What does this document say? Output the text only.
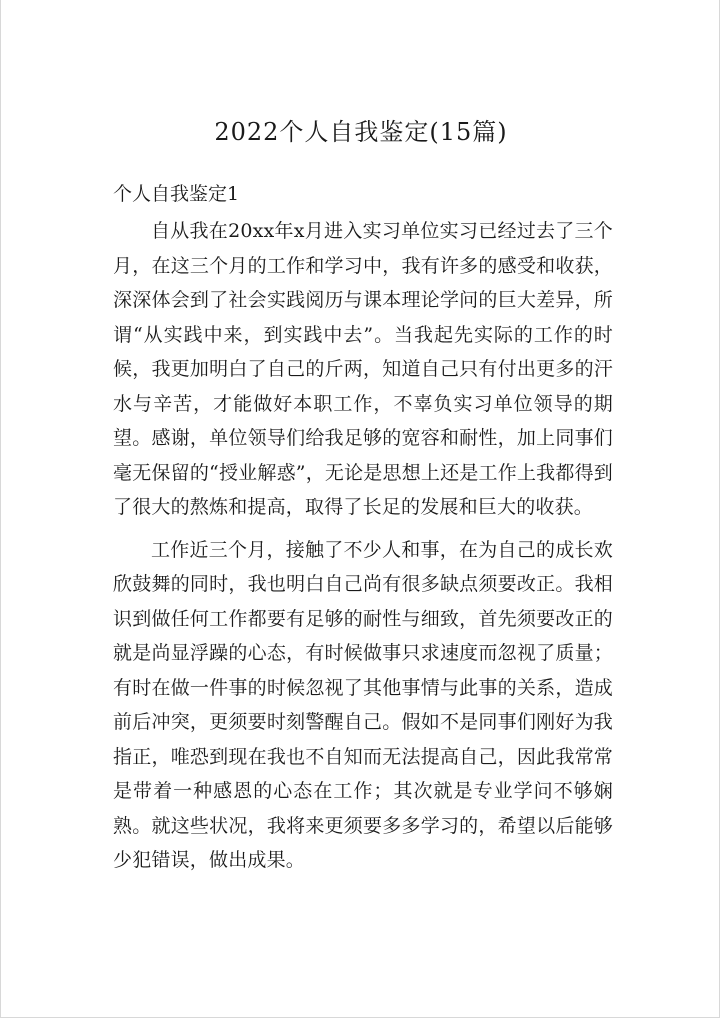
2022个人自我鉴定(15篇)
个人自我鉴定1

自从我在20xx年x月进入实习单位实习已经过去了三个月，在这三个月的工作和学习中，我有许多的感受和收获，深深体会到了社会实践阅历与课本理论学问的巨大差异，所谓“从实践中来，到实践中去”。当我起先实际的工作的时候，我更加明白了自己的斤两，知道自己只有付出更多的汗水与辛苦，才能做好本职工作，不辜负实习单位领导的期望。感谢，单位领导们给我足够的宽容和耐性，加上同事们毫无保留的“授业解惑”，无论是思想上还是工作上我都得到了很大的熬炼和提高，取得了长足的发展和巨大的收获。

工作近三个月，接触了不少人和事，在为自己的成长欢欣鼓舞的同时，我也明白自己尚有很多缺点须要改正。我相识到做任何工作都要有足够的耐性与细致，首先须要改正的就是尚显浮躁的心态，有时候做事只求速度而忽视了质量；有时在做一件事的时候忽视了其他事情与此事的关系，造成前后冲突，更须要时刻警醒自己。假如不是同事们刚好为我指正，唯恐到现在我也不自知而无法提高自己，因此我常常是带着一种感恩的心态在工作；其次就是专业学问不够娴熟。就这些状况，我将来更须要多多学习的，希望以后能够少犯错误，做出成果。
